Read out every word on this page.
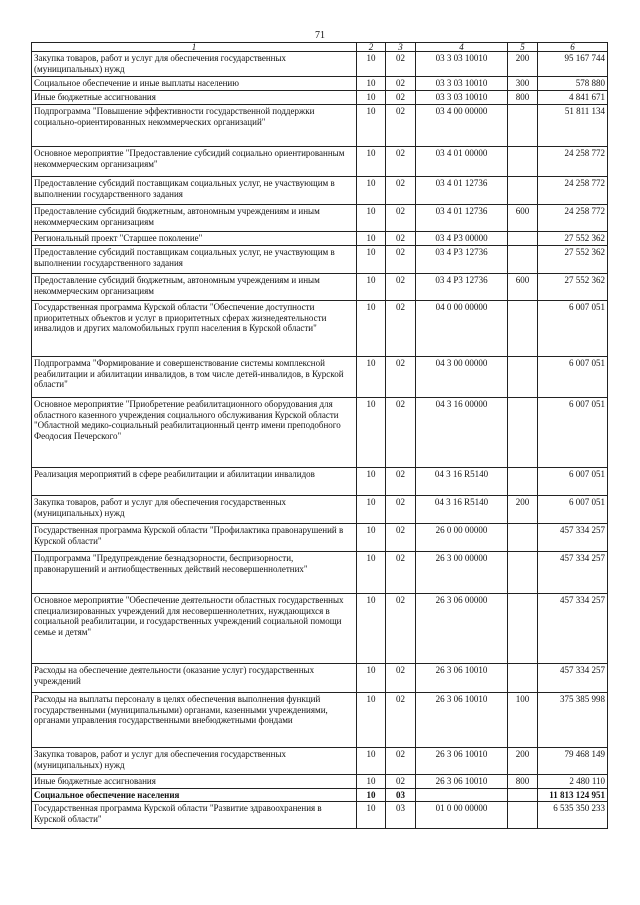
71
1	2	3	4	5	6
Закупка товаров, работ и услуг для обеспечения государственных (муниципальных) нужд	10	02	03 3 03 10010	200	95 167 744
Социальное обеспечение и иные выплаты населению	10	02	03 3 03 10010	300	578 880
Иные бюджетные ассигнования	10	02	03 3 03 10010	800	4 841 671
Подпрограмма "Повышение эффективности государственной поддержки социально-ориентированных некоммерческих организаций"	10	02	03 4 00 00000		51 811 134
Основное мероприятие "Предоставление субсидий социально ориентированным некоммерческим организациям"	10	02	03 4 01 00000		24 258 772
Предоставление субсидий поставщикам социальных услуг, не участвующим в выполнении государственного задания	10	02	03 4 01 12736		24 258 772
Предоставление субсидий бюджетным, автономным учреждениям и иным некоммерческим организациям	10	02	03 4 01 12736	600	24 258 772
Региональный проект "Старшее поколение"	10	02	03 4 P3 00000		27 552 362
Предоставление субсидий поставщикам социальных услуг, не участвующим в выполнении государственного задания	10	02	03 4 P3 12736		27 552 362
Предоставление субсидий бюджетным, автономным учреждениям и иным некоммерческим организациям	10	02	03 4 P3 12736	600	27 552 362
Государственная программа Курской области "Обеспечение доступности приоритетных объектов и услуг в приоритетных сферах жизнедеятельности инвалидов и других маломобильных групп населения в Курской области"	10	02	04 0 00 00000		6 007 051
Подпрограмма "Формирование и совершенствование системы комплексной реабилитации и абилитации инвалидов, в том числе детей-инвалидов, в Курской области"	10	02	04 3 00 00000		6 007 051
Основное мероприятие "Приобретение реабилитационного оборудования для областного казенного учреждения социального обслуживания Курской области "Областной медико-социальный реабилитационный центр имени преподобного Феодосия Печерского"	10	02	04 3 16 00000		6 007 051
Реализация мероприятий в сфере реабилитации и абилитации инвалидов	10	02	04 3 16 R5140		6 007 051
Закупка товаров, работ и услуг для обеспечения государственных (муниципальных) нужд	10	02	04 3 16 R5140	200	6 007 051
Государственная программа Курской области "Профилактика правонарушений в Курской области"	10	02	26 0 00 00000		457 334 257
Подпрограмма "Предупреждение безнадзорности, беспризорности, правонарушений и антиобщественных действий несовершеннолетних"	10	02	26 3 00 00000		457 334 257
Основное мероприятие "Обеспечение деятельности областных государственных специализированных учреждений для несовершеннолетних, нуждающихся в социальной реабилитации, и государственных учреждений социальной помощи семье и детям"	10	02	26 3 06 00000		457 334 257
Расходы на обеспечение деятельности (оказание услуг) государственных учреждений	10	02	26 3 06 10010		457 334 257
Расходы на выплаты персоналу в целях обеспечения выполнения функций государственными (муниципальными) органами, казенными учреждениями, органами управления государственными внебюджетными фондами	10	02	26 3 06 10010	100	375 385 998
Закупка товаров, работ и услуг для обеспечения государственных (муниципальных) нужд	10	02	26 3 06 10010	200	79 468 149
Иные бюджетные ассигнования	10	02	26 3 06 10010	800	2 480 110
Социальное обеспечение населения	10	03			11 813 124 951
Государственная программа Курской области "Развитие здравоохранения в Курской области"	10	03	01 0 00 00000		6 535 350 233
